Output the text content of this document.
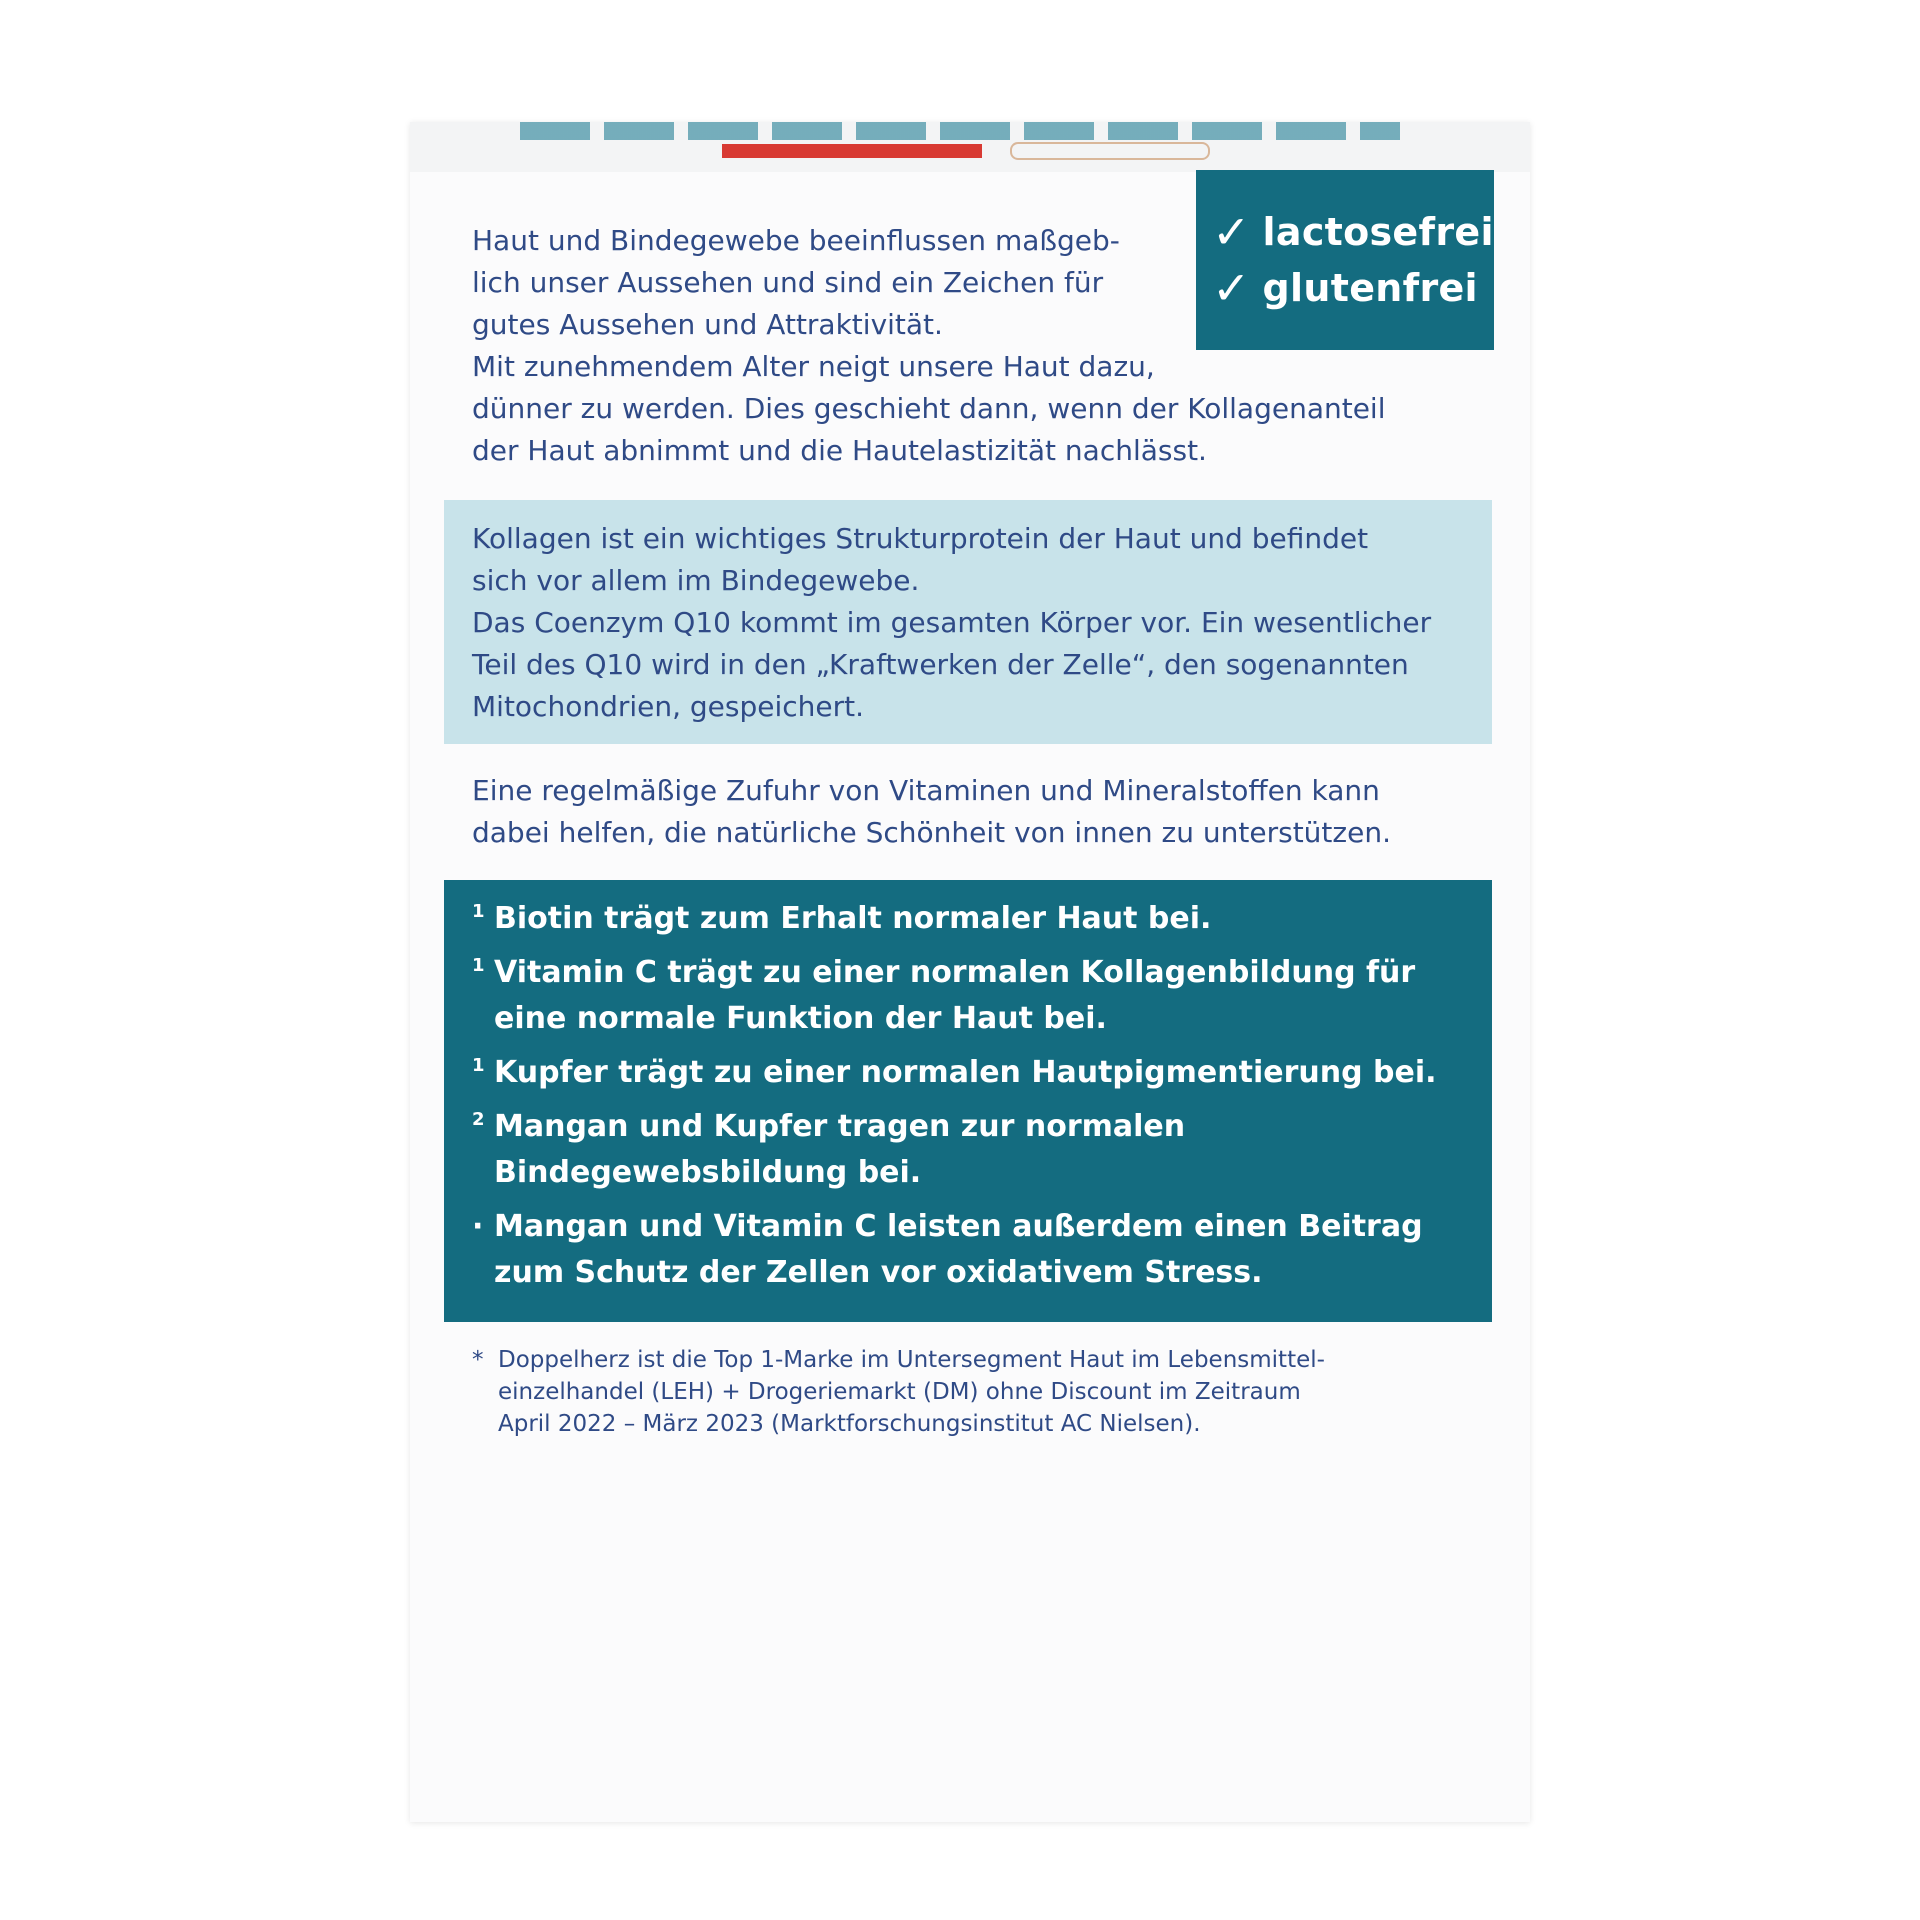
✓ lactosefrei
✓ glutenfrei

Haut und Bindegewebe beeinflussen maßgeb-
lich unser Aussehen und sind ein Zeichen für
gutes Aussehen und Attraktivität.
Mit zunehmendem Alter neigt unsere Haut dazu,
dünner zu werden. Dies geschieht dann, wenn der Kollagenanteil
der Haut abnimmt und die Hautelastizität nachlässt.

Kollagen ist ein wichtiges Strukturprotein der Haut und befindet
sich vor allem im Bindegewebe.
Das Coenzym Q10 kommt im gesamten Körper vor. Ein wesentlicher
Teil des Q10 wird in den „Kraftwerken der Zelle“, den sogenannten
Mitochondrien, gespeichert.

Eine regelmäßige Zufuhr von Vitaminen und Mineralstoffen kann
dabei helfen, die natürliche Schönheit von innen zu unterstützen.

1 Biotin trägt zum Erhalt normaler Haut bei.
1 Vitamin C trägt zu einer normalen Kollagenbildung für eine normale Funktion der Haut bei.
1 Kupfer trägt zu einer normalen Hautpigmentierung bei.
2 Mangan und Kupfer tragen zur normalen Bindegewebsbildung bei.
· Mangan und Vitamin C leisten außerdem einen Beitrag zum Schutz der Zellen vor oxidativem Stress.
* Doppelherz ist die Top 1-Marke im Untersegment Haut im Lebensmittel-
einzelhandel (LEH) + Drogeriemarkt (DM) ohne Discount im Zeitraum
April 2022 – März 2023 (Marktforschungsinstitut AC Nielsen).
